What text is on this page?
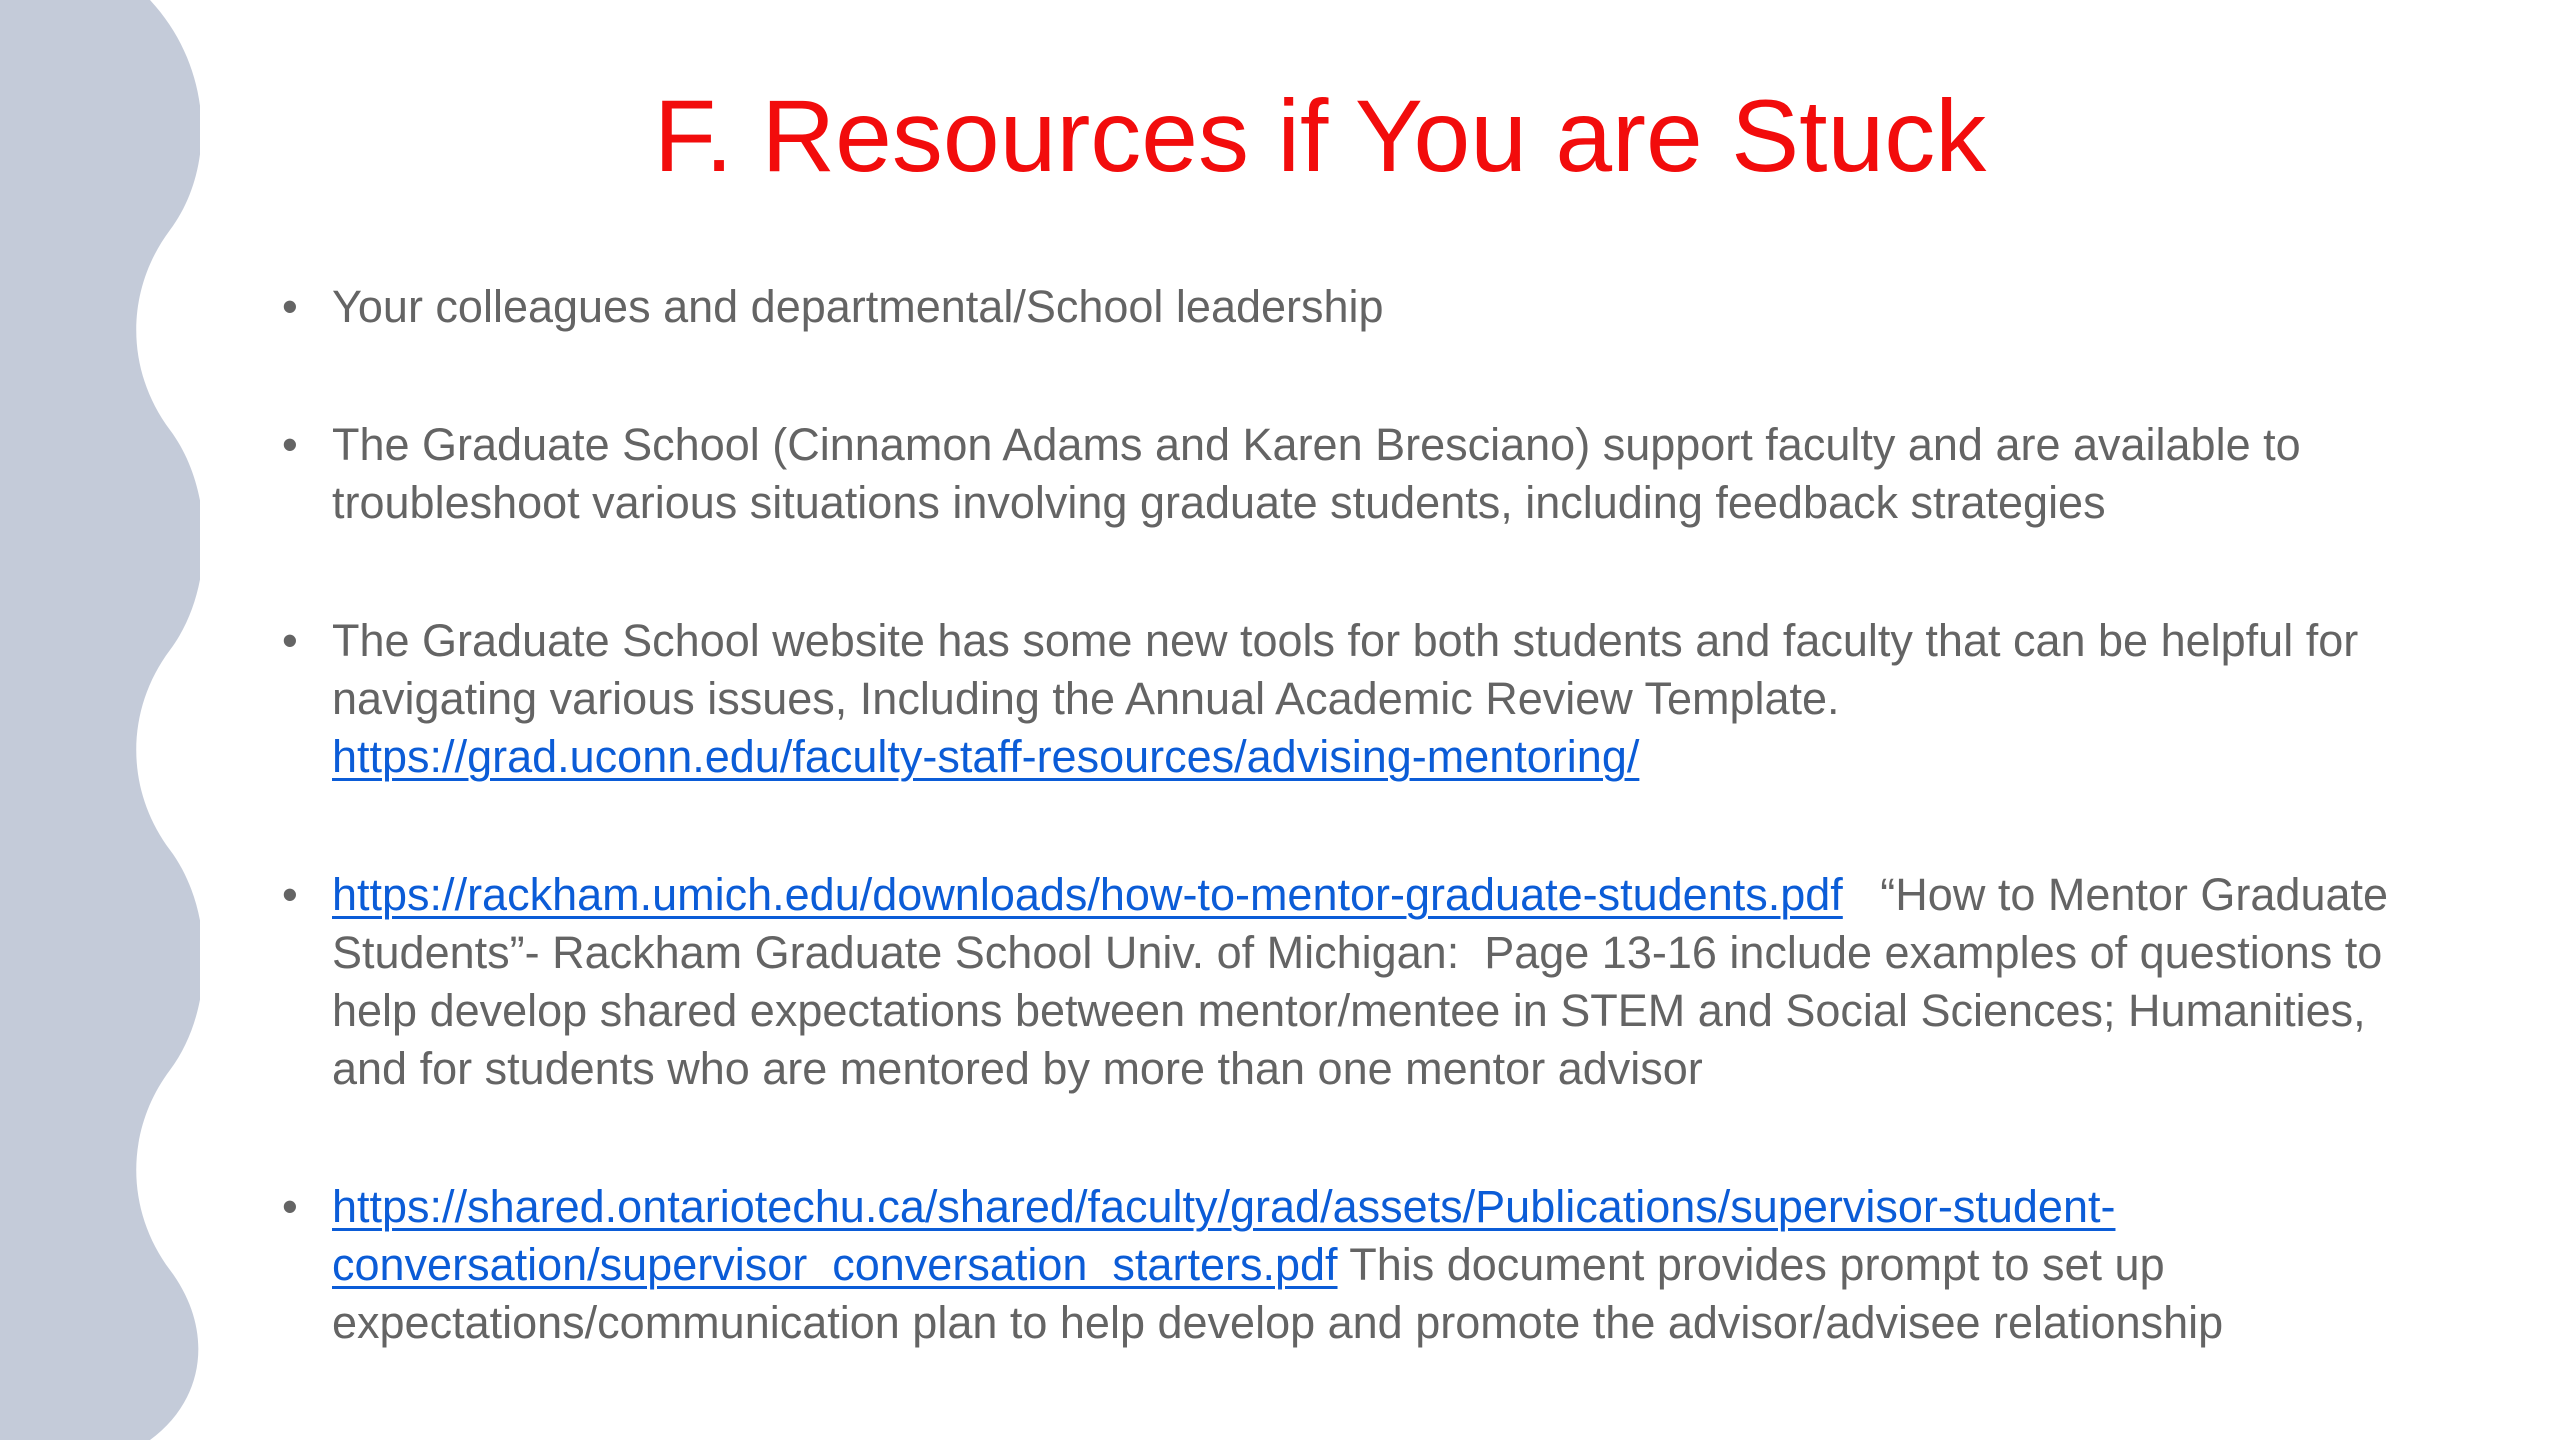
F. Resources if You are Stuck
• Your colleagues and departmental/School leadership
• The Graduate School (Cinnamon Adams and Karen Bresciano) support faculty and are available to troubleshoot various situations involving graduate students, including feedback strategies
• The Graduate School website has some new tools for both students and faculty that can be helpful for navigating various issues, Including the Annual Academic Review Template. https://grad.uconn.edu/faculty-staff-resources/advising-mentoring/
• https://rackham.umich.edu/downloads/how-to-mentor-graduate-students.pdf   “How to Mentor Graduate Students”- Rackham Graduate School Univ. of Michigan:  Page 13-16 include examples of questions to help develop shared expectations between mentor/mentee in STEM and Social Sciences; Humanities, and for students who are mentored by more than one mentor advisor
• https://shared.ontariotechu.ca/shared/faculty/grad/assets/Publications/supervisor-student-conversation/supervisor_conversation_starters.pdf This document provides prompt to set up expectations/communication plan to help develop and promote the advisor/advisee relationship
